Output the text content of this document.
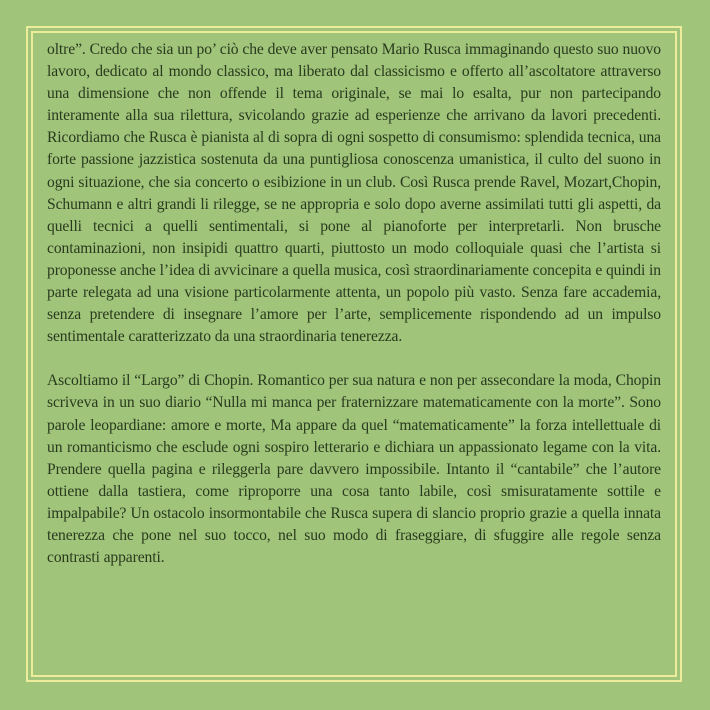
oltre”. Credo che sia un po’ ciò che deve aver pensato Mario Rusca immaginando questo suo nuovo lavoro, dedicato al mondo classico, ma liberato dal classicismo e offerto all’ascoltatore attraverso una dimensione che non offende il tema originale, se mai lo esalta, pur non partecipando interamente alla sua rilettura, svicolando grazie ad esperienze che arrivano da lavori precedenti. Ricordiamo che Rusca è pianista al di sopra di ogni sospetto di consumismo: splendida tecnica, una forte passione jazzistica sostenuta da una puntigliosa conoscenza umanistica, il culto del suono in ogni situazione, che sia concerto o esibizione in un club. Così Rusca prende Ravel, Mozart,Chopin, Schumann e altri grandi li rilegge, se ne appropria e solo dopo averne assimilati tutti gli aspetti, da quelli tecnici a quelli sentimentali, si pone al pianoforte per interpretarli. Non brusche contaminazioni, non insipidi quattro quarti, piuttosto un modo colloquiale quasi che l’artista si proponesse anche l’idea di avvicinare a quella musica, così straordinariamente concepita e quindi in parte relegata ad una visione particolarmente attenta, un popolo più vasto. Senza fare accademia, senza pretendere di insegnare l’amore per l’arte, semplicemente rispondendo ad un impulso sentimentale caratterizzato da una straordinaria tenerezza.

Ascoltiamo il “Largo” di Chopin. Romantico per sua natura e non per assecondare la moda, Chopin scriveva in un suo diario “Nulla mi manca per fraternizzare matematicamente con la morte”. Sono parole leopardiane: amore e morte, Ma appare da quel “matematicamente” la forza intellettuale di un romanticismo che esclude ogni sospiro letterario e dichiara un appassionato legame con la vita. Prendere quella pagina e rileggerla pare davvero impossibile. Intanto il “cantabile” che l’autore ottiene dalla tastiera, come riproporre una cosa tanto labile, così smisuratamente sottile e impalpabile? Un ostacolo insormontabile che Rusca supera di slancio proprio grazie a quella innata tenerezza che pone nel suo tocco, nel suo modo di fraseggiare, di sfuggire alle regole senza contrasti apparenti.
